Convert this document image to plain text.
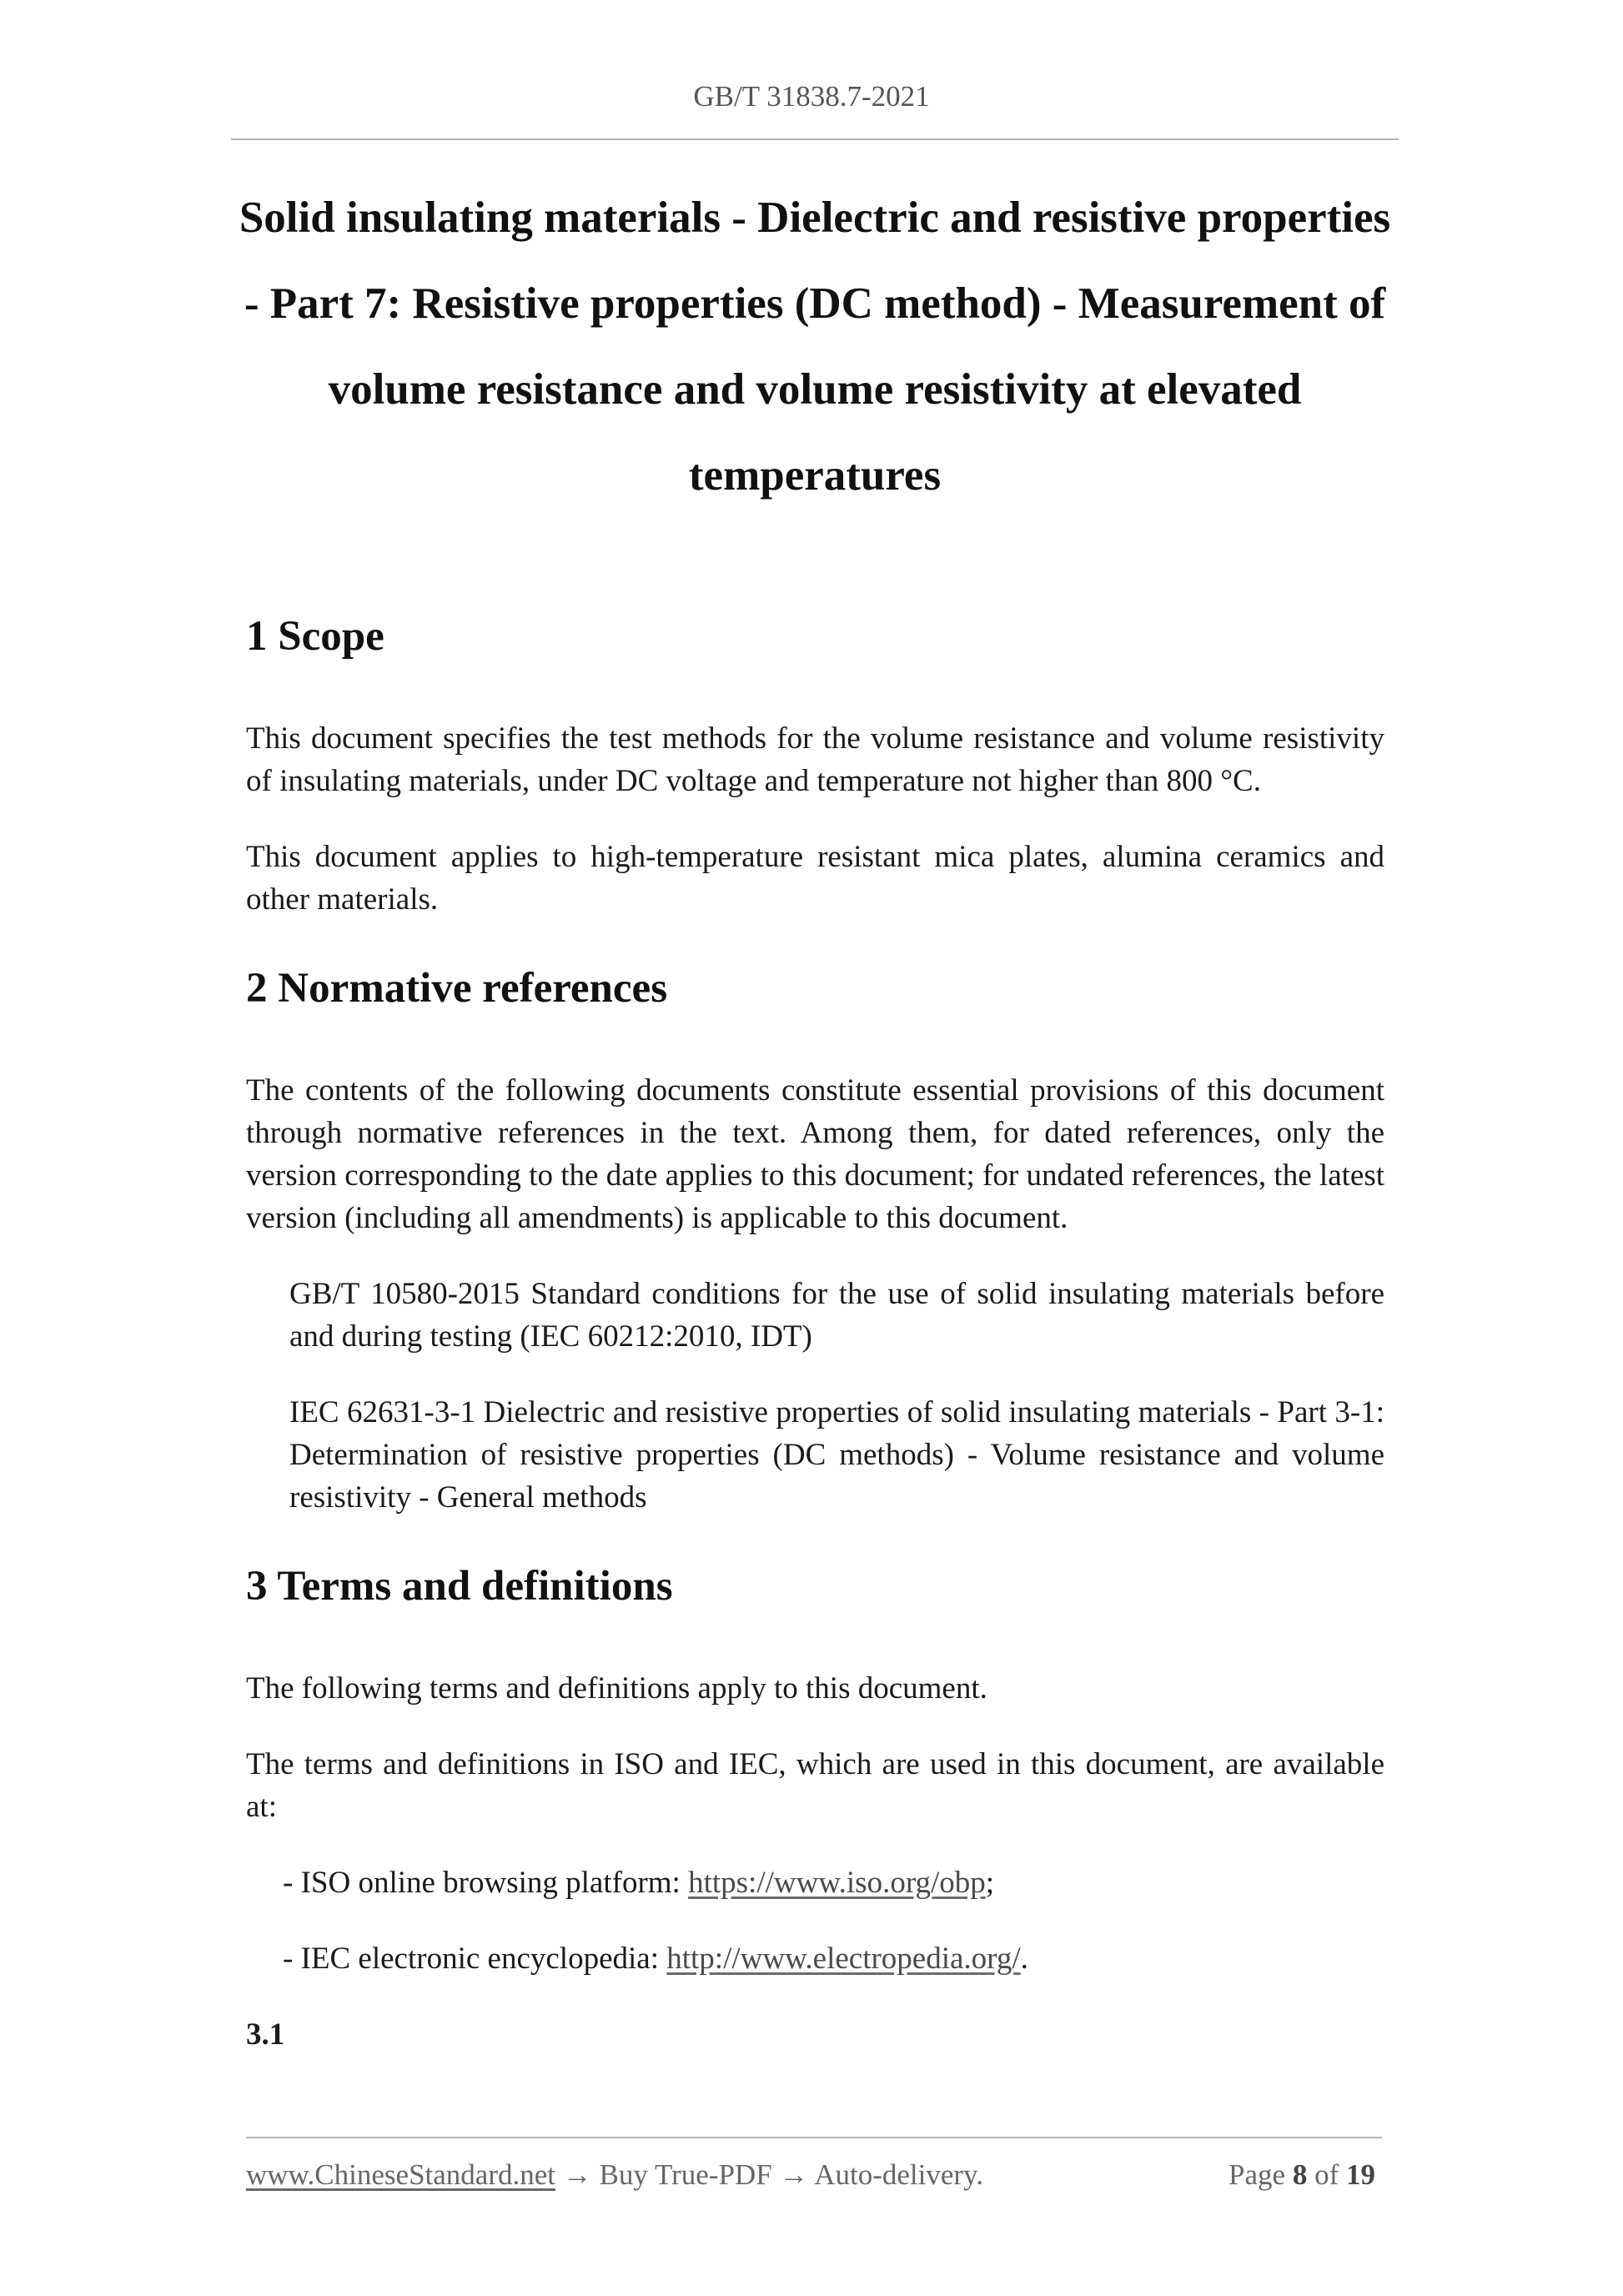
GB/T 31838.7-2021
Solid insulating materials - Dielectric and resistive properties - Part 7: Resistive properties (DC method) - Measurement of volume resistance and volume resistivity at elevated temperatures
1 Scope

This document specifies the test methods for the volume resistance and volume resistivity of insulating materials, under DC voltage and temperature not higher than 800 °C.

This document applies to high-temperature resistant mica plates, alumina ceramics and other materials.

2 Normative references

The contents of the following documents constitute essential provisions of this document through normative references in the text. Among them, for dated references, only the version corresponding to the date applies to this document; for undated references, the latest version (including all amendments) is applicable to this document.

GB/T 10580-2015 Standard conditions for the use of solid insulating materials before and during testing (IEC 60212:2010, IDT)

IEC 62631-3-1 Dielectric and resistive properties of solid insulating materials - Part 3-1: Determination of resistive properties (DC methods) - Volume resistance and volume resistivity - General methods

3 Terms and definitions

The following terms and definitions apply to this document.

The terms and definitions in ISO and IEC, which are used in this document, are available at:

- ISO online browsing platform: https://www.iso.org/obp;

- IEC electronic encyclopedia: http://www.electropedia.org/.

3.1
www.ChineseStandard.net → Buy True-PDF → Auto-delivery.	Page 8 of 19
